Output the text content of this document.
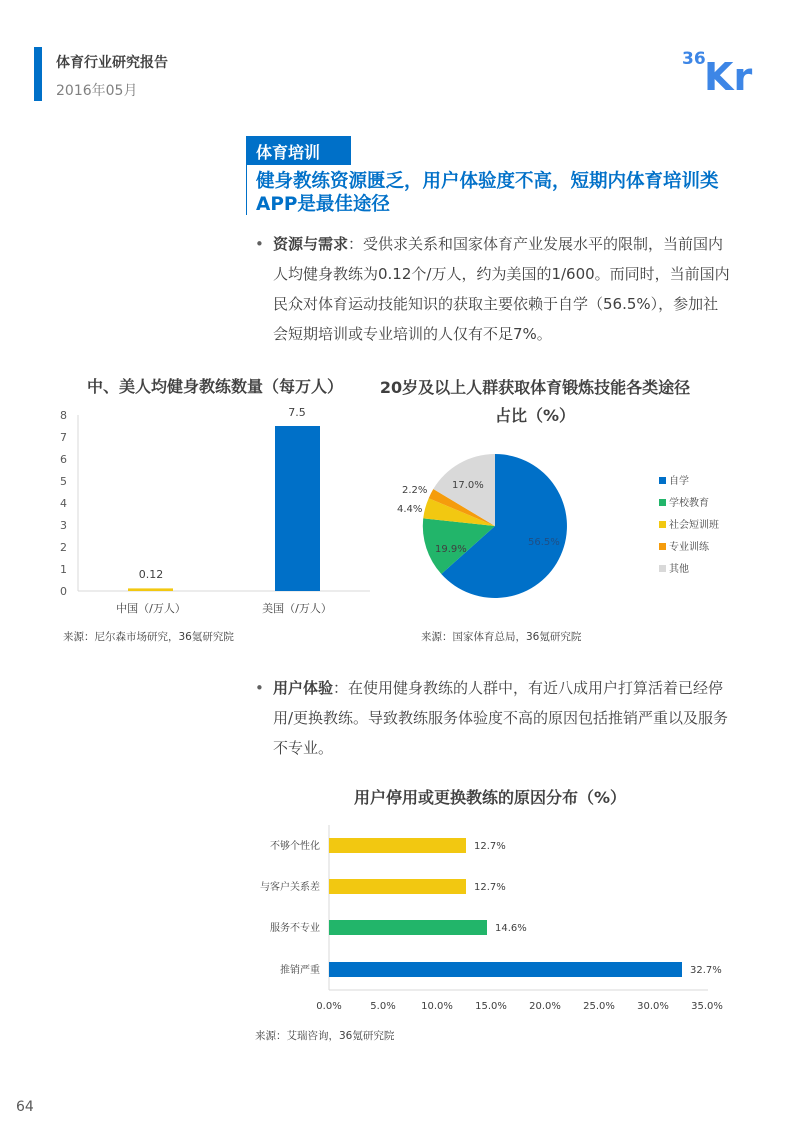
体育行业研究报告
2016年05月
36
Kr
体育培训
健身教练资源匮乏，用户体验度不高，短期内体育培训类APP是最佳途径
• 资源与需求：受供求关系和国家体育产业发展水平的限制，当前国内人均健身教练为0.12个/万人，约为美国的1/600。而同时，当前国内民众对体育运动技能知识的获取主要依赖于自学（56.5%），参加社会短期培训或专业培训的人仅有不足7%。
中、美人均健身教练数量（每万人）
0
1
2
3
4
5
6
7
8
0.12
7.5
中国（/万人）	美国（/万人）
来源：尼尔森市场研究，36氪研究院
20岁及以上人群获取体育锻炼技能各类途径
占比（%）
56.5%
19.9%
4.4%
2.2% 17.0%	自学
学校教育
社会短训班
专业训练
其他
来源：国家体育总局，36氪研究院
• 用户体验：在使用健身教练的人群中，有近八成用户打算活着已经停用/更换教练。导致教练服务体验度不高的原因包括推销严重以及服务不专业。
用户停用或更换教练的原因分布（%）
不够个性化
与客户关系差
服务不专业
推销严重
12.7%
12.7%
14.6%
32.7%
0.0%	5.0%	10.0% 15.0% 20.0% 25.0% 30.0% 35.0%
来源：艾瑞咨询，36氪研究院
64
